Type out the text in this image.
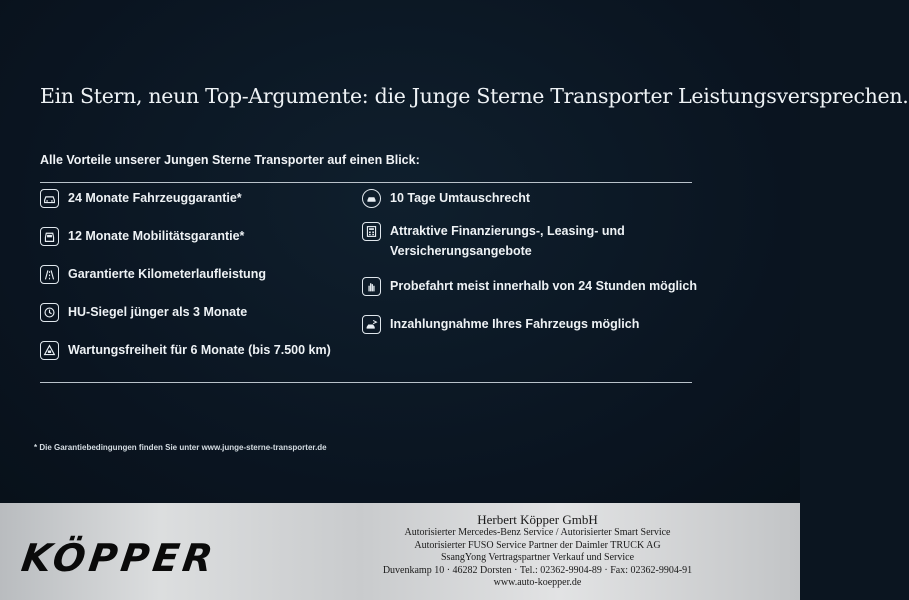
Ein Stern, neun Top-Argumente: die Junge Sterne Transporter Leistungsversprechen.
Alle Vorteile unserer Jungen Sterne Transporter auf einen Blick:
24 Monate Fahrzeuggarantie*
12 Monate Mobilitätsgarantie*
Garantierte Kilometerlaufleistung
HU-Siegel jünger als 3 Monate
Wartungsfreiheit für 6 Monate (bis 7.500 km)
10 Tage Umtauschrecht
Attraktive Finanzierungs-, Leasing- und Versicherungsangebote
Probefahrt meist innerhalb von 24 Stunden möglich
Inzahlungnahme Ihres Fahrzeugs möglich
* Die Garantiebedingungen finden Sie unter www.junge-sterne-transporter.de
KÖPPER
Herbert Köpper GmbH
Autorisierter Mercedes-Benz Service / Autorisierter Smart Service
Autorisierter FUSO Service Partner der Daimler TRUCK AG
SsangYong Vertragspartner Verkauf und Service
Duvenkamp 10 · 46282 Dorsten · Tel.: 02362-9904-89 · Fax: 02362-9904-91
www.auto-koepper.de
